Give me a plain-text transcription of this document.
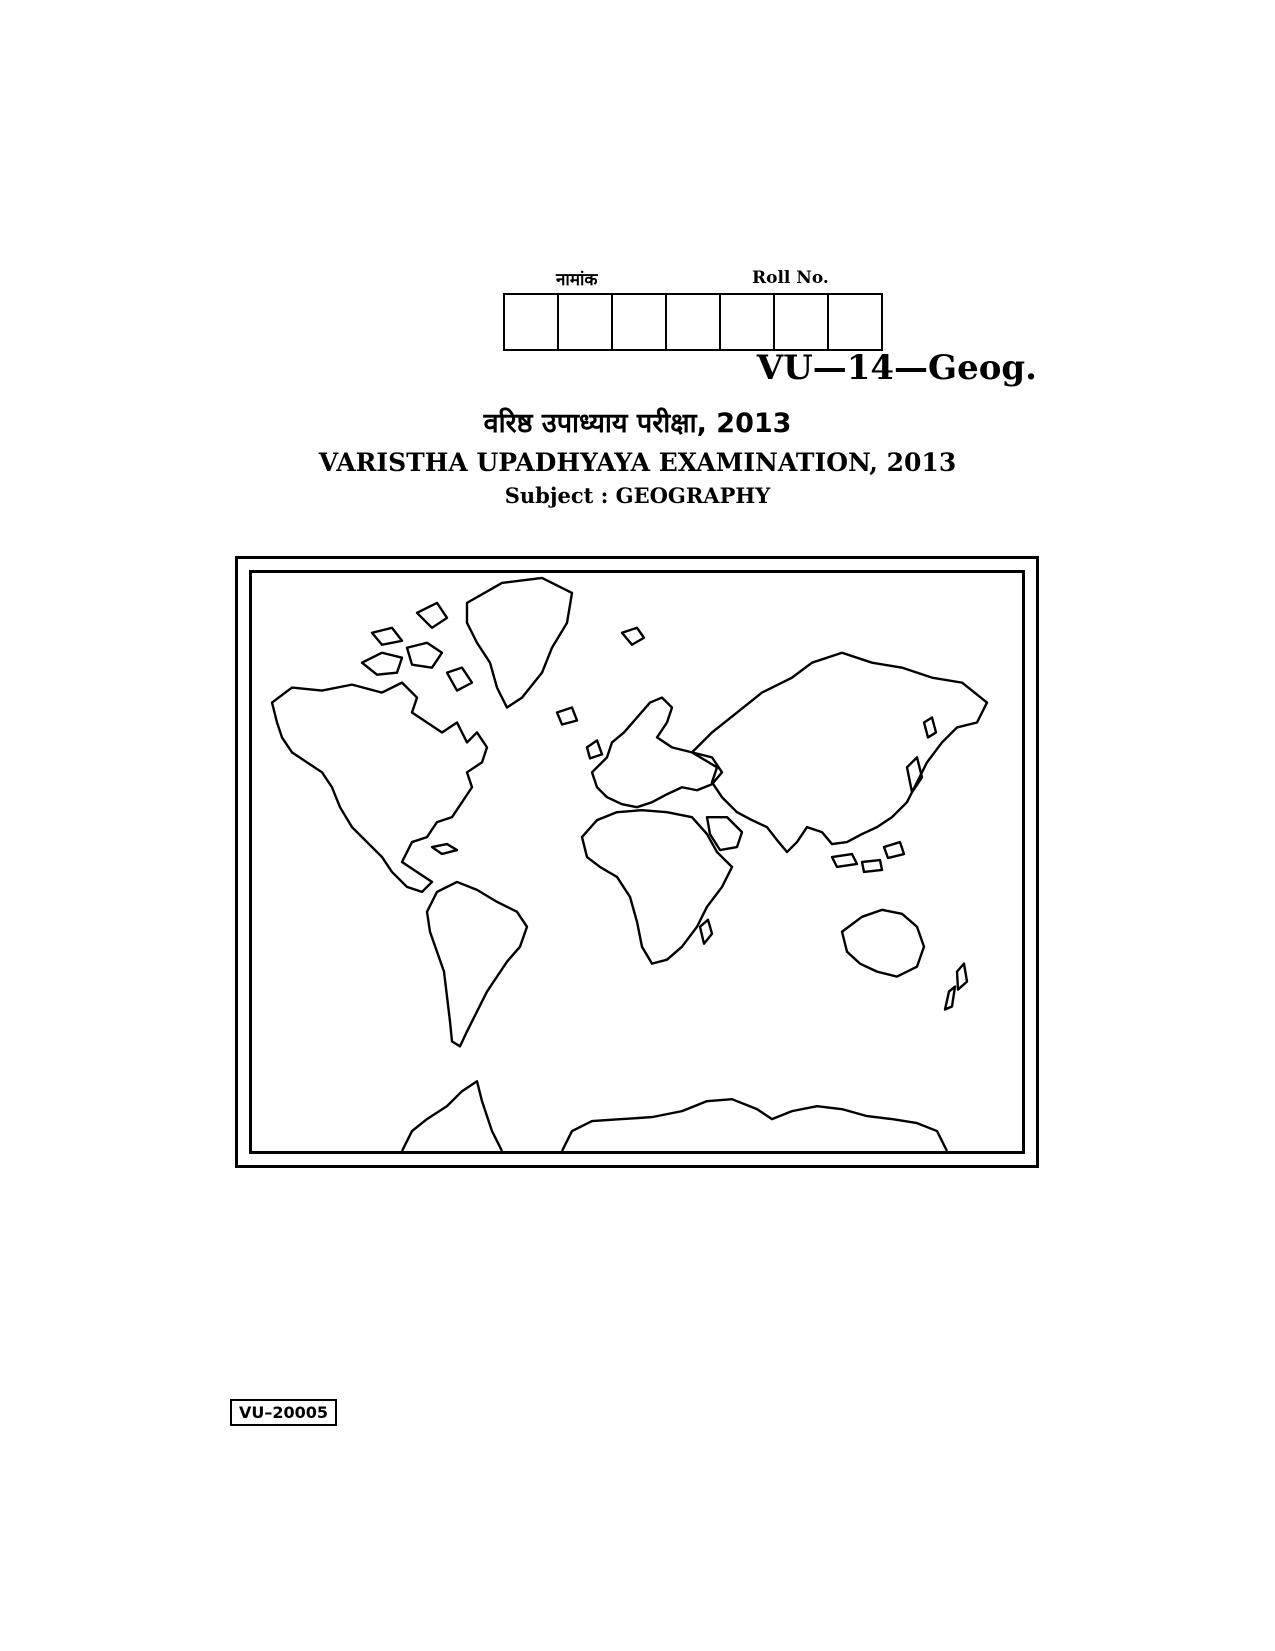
नामांक	Roll No.
VU—14—Geog.
वरिष्ठ उपाध्याय परीक्षा, 2013
VARISTHA UPADHYAYA EXAMINATION, 2013
Subject : GEOGRAPHY
VU–20005
